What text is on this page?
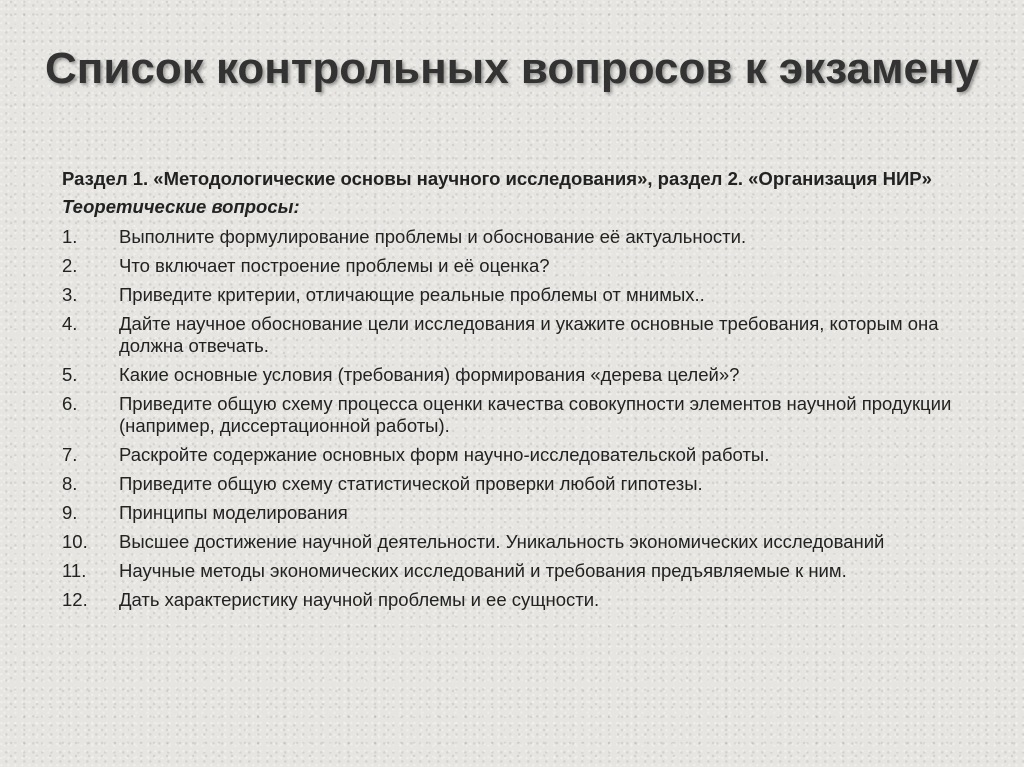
Список контрольных вопросов к экзамену
Раздел 1. «Методологические основы научного исследования», раздел 2. «Организация НИР»
Теоретические вопросы:
1.	Выполните формулирование проблемы и обоснование её актуальности.
2.	Что включает построение проблемы и её оценка?
3.	Приведите критерии, отличающие реальные проблемы от мнимых..
4.	Дайте научное обоснование цели исследования и укажите основные требования, которым она должна отвечать.
5.	Какие основные условия (требования) формирования «дерева целей»?
6.	Приведите общую схему процесса оценки качества совокупности элементов научной продукции (например, диссертационной работы).
7.	Раскройте содержание основных форм научно-исследовательской работы.
8.	Приведите общую схему статистической проверки любой гипотезы.
9.	Принципы моделирования
10.	Высшее достижение научной деятельности. Уникальность экономических исследований
11.	Научные методы экономических исследований и требования предъявляемые к ним.
12.	Дать характеристику научной проблемы и ее сущности.
